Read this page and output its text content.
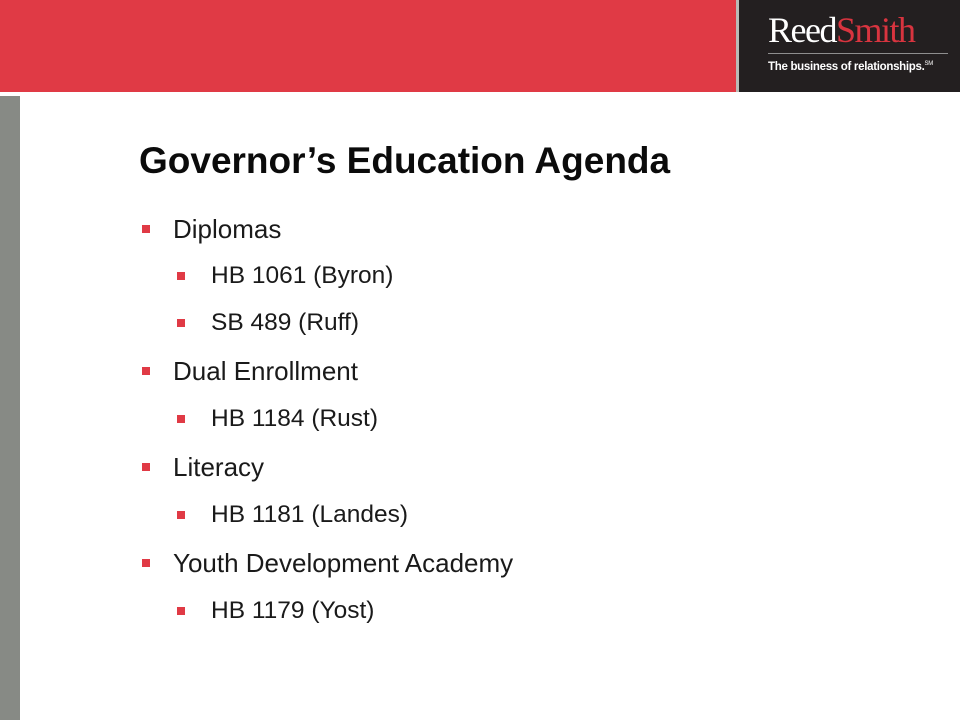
ReedSmith
The business of relationships.℠
Governor’s Education Agenda
Diplomas
HB 1061 (Byron)
SB 489 (Ruff)
Dual Enrollment
HB 1184 (Rust)
Literacy
HB 1181 (Landes)
Youth Development Academy
HB 1179 (Yost)
